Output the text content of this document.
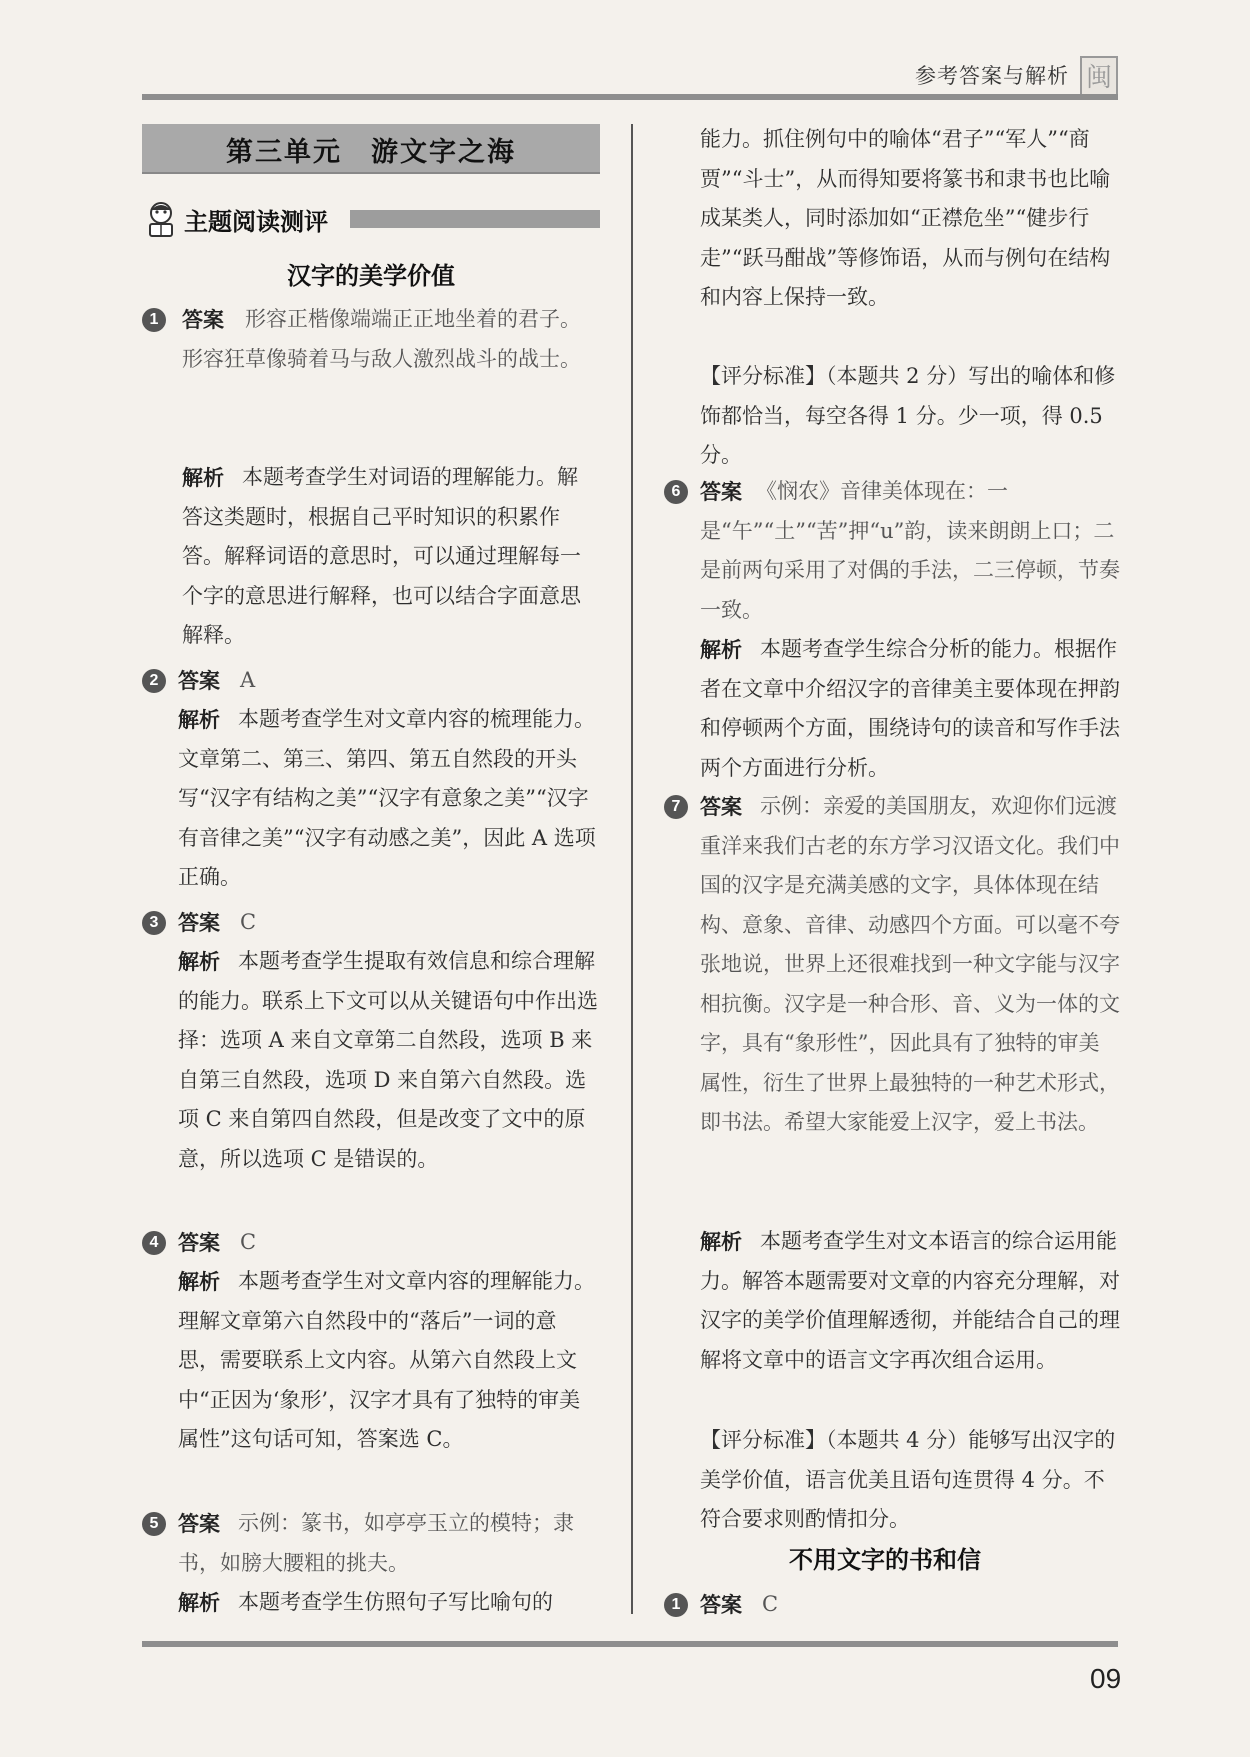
参考答案与解析 闽
第三单元　游文字之海
主题阅读测评
汉字的美学价值
1	答案	形容正楷像端端正正地坐着的君子。形容狂草像骑着马与敌人激烈战斗的战士。
解析 本题考查学生对词语的理解能力。解答这类题时，根据自己平时知识的积累作答。解释词语的意思时，可以通过理解每一个字的意思进行解释，也可以结合字面意思解释。
2 答案 A
解析 本题考查学生对文章内容的梳理能力。文章第二、第三、第四、第五自然段的开头写“汉字有结构之美”“汉字有意象之美”“汉字有音律之美”“汉字有动感之美”，因此 A 选项正确。
3 答案 C
解析 本题考查学生提取有效信息和综合理解的能力。联系上下文可以从关键语句中作出选择：选项 A 来自文章第二自然段，选项 B 来自第三自然段，选项 D 来自第六自然段。选项 C 来自第四自然段，但是改变了文中的原意，所以选项 C 是错误的。
4 答案 C
解析 本题考查学生对文章内容的理解能力。理解文章第六自然段中的“落后”一词的意思，需要联系上文内容。从第六自然段上文中“正因为‘象形’，汉字才具有了独特的审美属性”这句话可知，答案选 C。
5 答案 示例：篆书，如亭亭玉立的模特；隶书，如膀大腰粗的挑夫。
解析 本题考查学生仿照句子写比喻句的
能力。抓住例句中的喻体“君子”“军人”“商贾”“斗士”，从而得知要将篆书和隶书也比喻成某类人，同时添加如“正襟危坐”“健步行走”“跃马酣战”等修饰语，从而与例句在结构和内容上保持一致。
【评分标准】（本题共 2 分）写出的喻体和修饰都恰当，每空各得 1 分。少一项，得 0.5 分。
6 答案 《悯农》音律美体现在：一是“午”“土”“苦”押“u”韵，读来朗朗上口；二是前两句采用了对偶的手法，二三停顿，节奏一致。
解析 本题考查学生综合分析的能力。根据作者在文章中介绍汉字的音律美主要体现在押韵和停顿两个方面，围绕诗句的读音和写作手法两个方面进行分析。
7 答案 示例：亲爱的美国朋友，欢迎你们远渡重洋来我们古老的东方学习汉语文化。我们中国的汉字是充满美感的文字，具体体现在结构、意象、音律、动感四个方面。可以毫不夸张地说，世界上还很难找到一种文字能与汉字相抗衡。汉字是一种合形、音、义为一体的文字，具有“象形性”，因此具有了独特的审美属性，衍生了世界上最独特的一种艺术形式，即书法。希望大家能爱上汉字，爱上书法。
解析 本题考查学生对文本语言的综合运用能力。解答本题需要对文章的内容充分理解，对汉字的美学价值理解透彻，并能结合自己的理解将文章中的语言文字再次组合运用。
【评分标准】（本题共 4 分）能够写出汉字的美学价值，语言优美且语句连贯得 4 分。不符合要求则酌情扣分。
不用文字的书和信
1 答案 C
09
